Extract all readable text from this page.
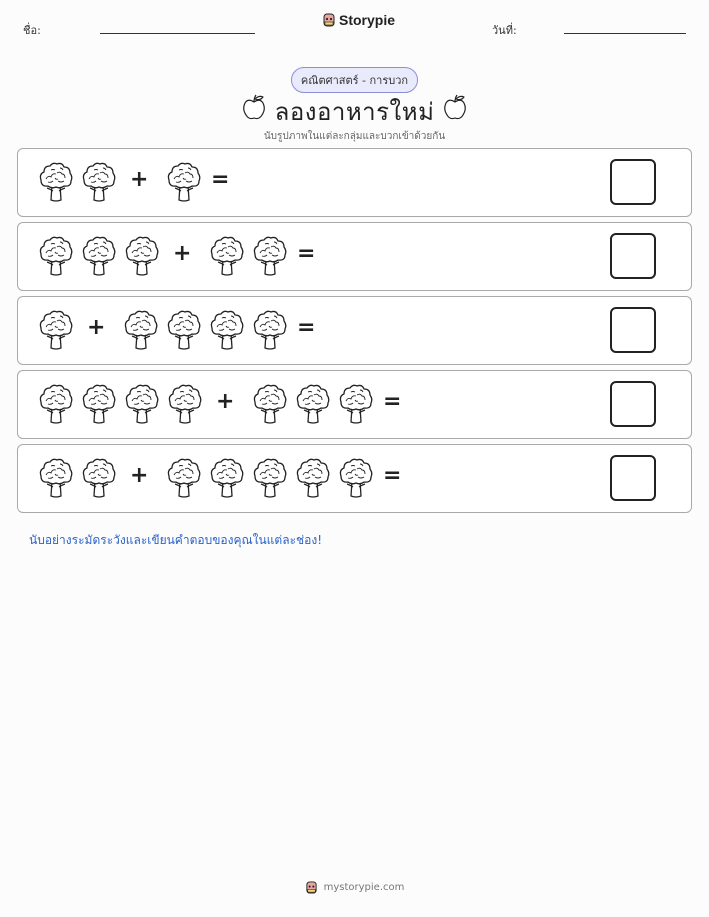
ชื่อ:
Storypie
วันที่:
คณิตศาสตร์ - การบวก
ลองอาหารใหม่
นับรูปภาพในแต่ละกลุ่มและบวกเข้าด้วยกัน
+	=
+	=
+	=
+	=
+	=
นับอย่างระมัดระวังและเขียนคำตอบของคุณในแต่ละช่อง!
mystorypie.com
